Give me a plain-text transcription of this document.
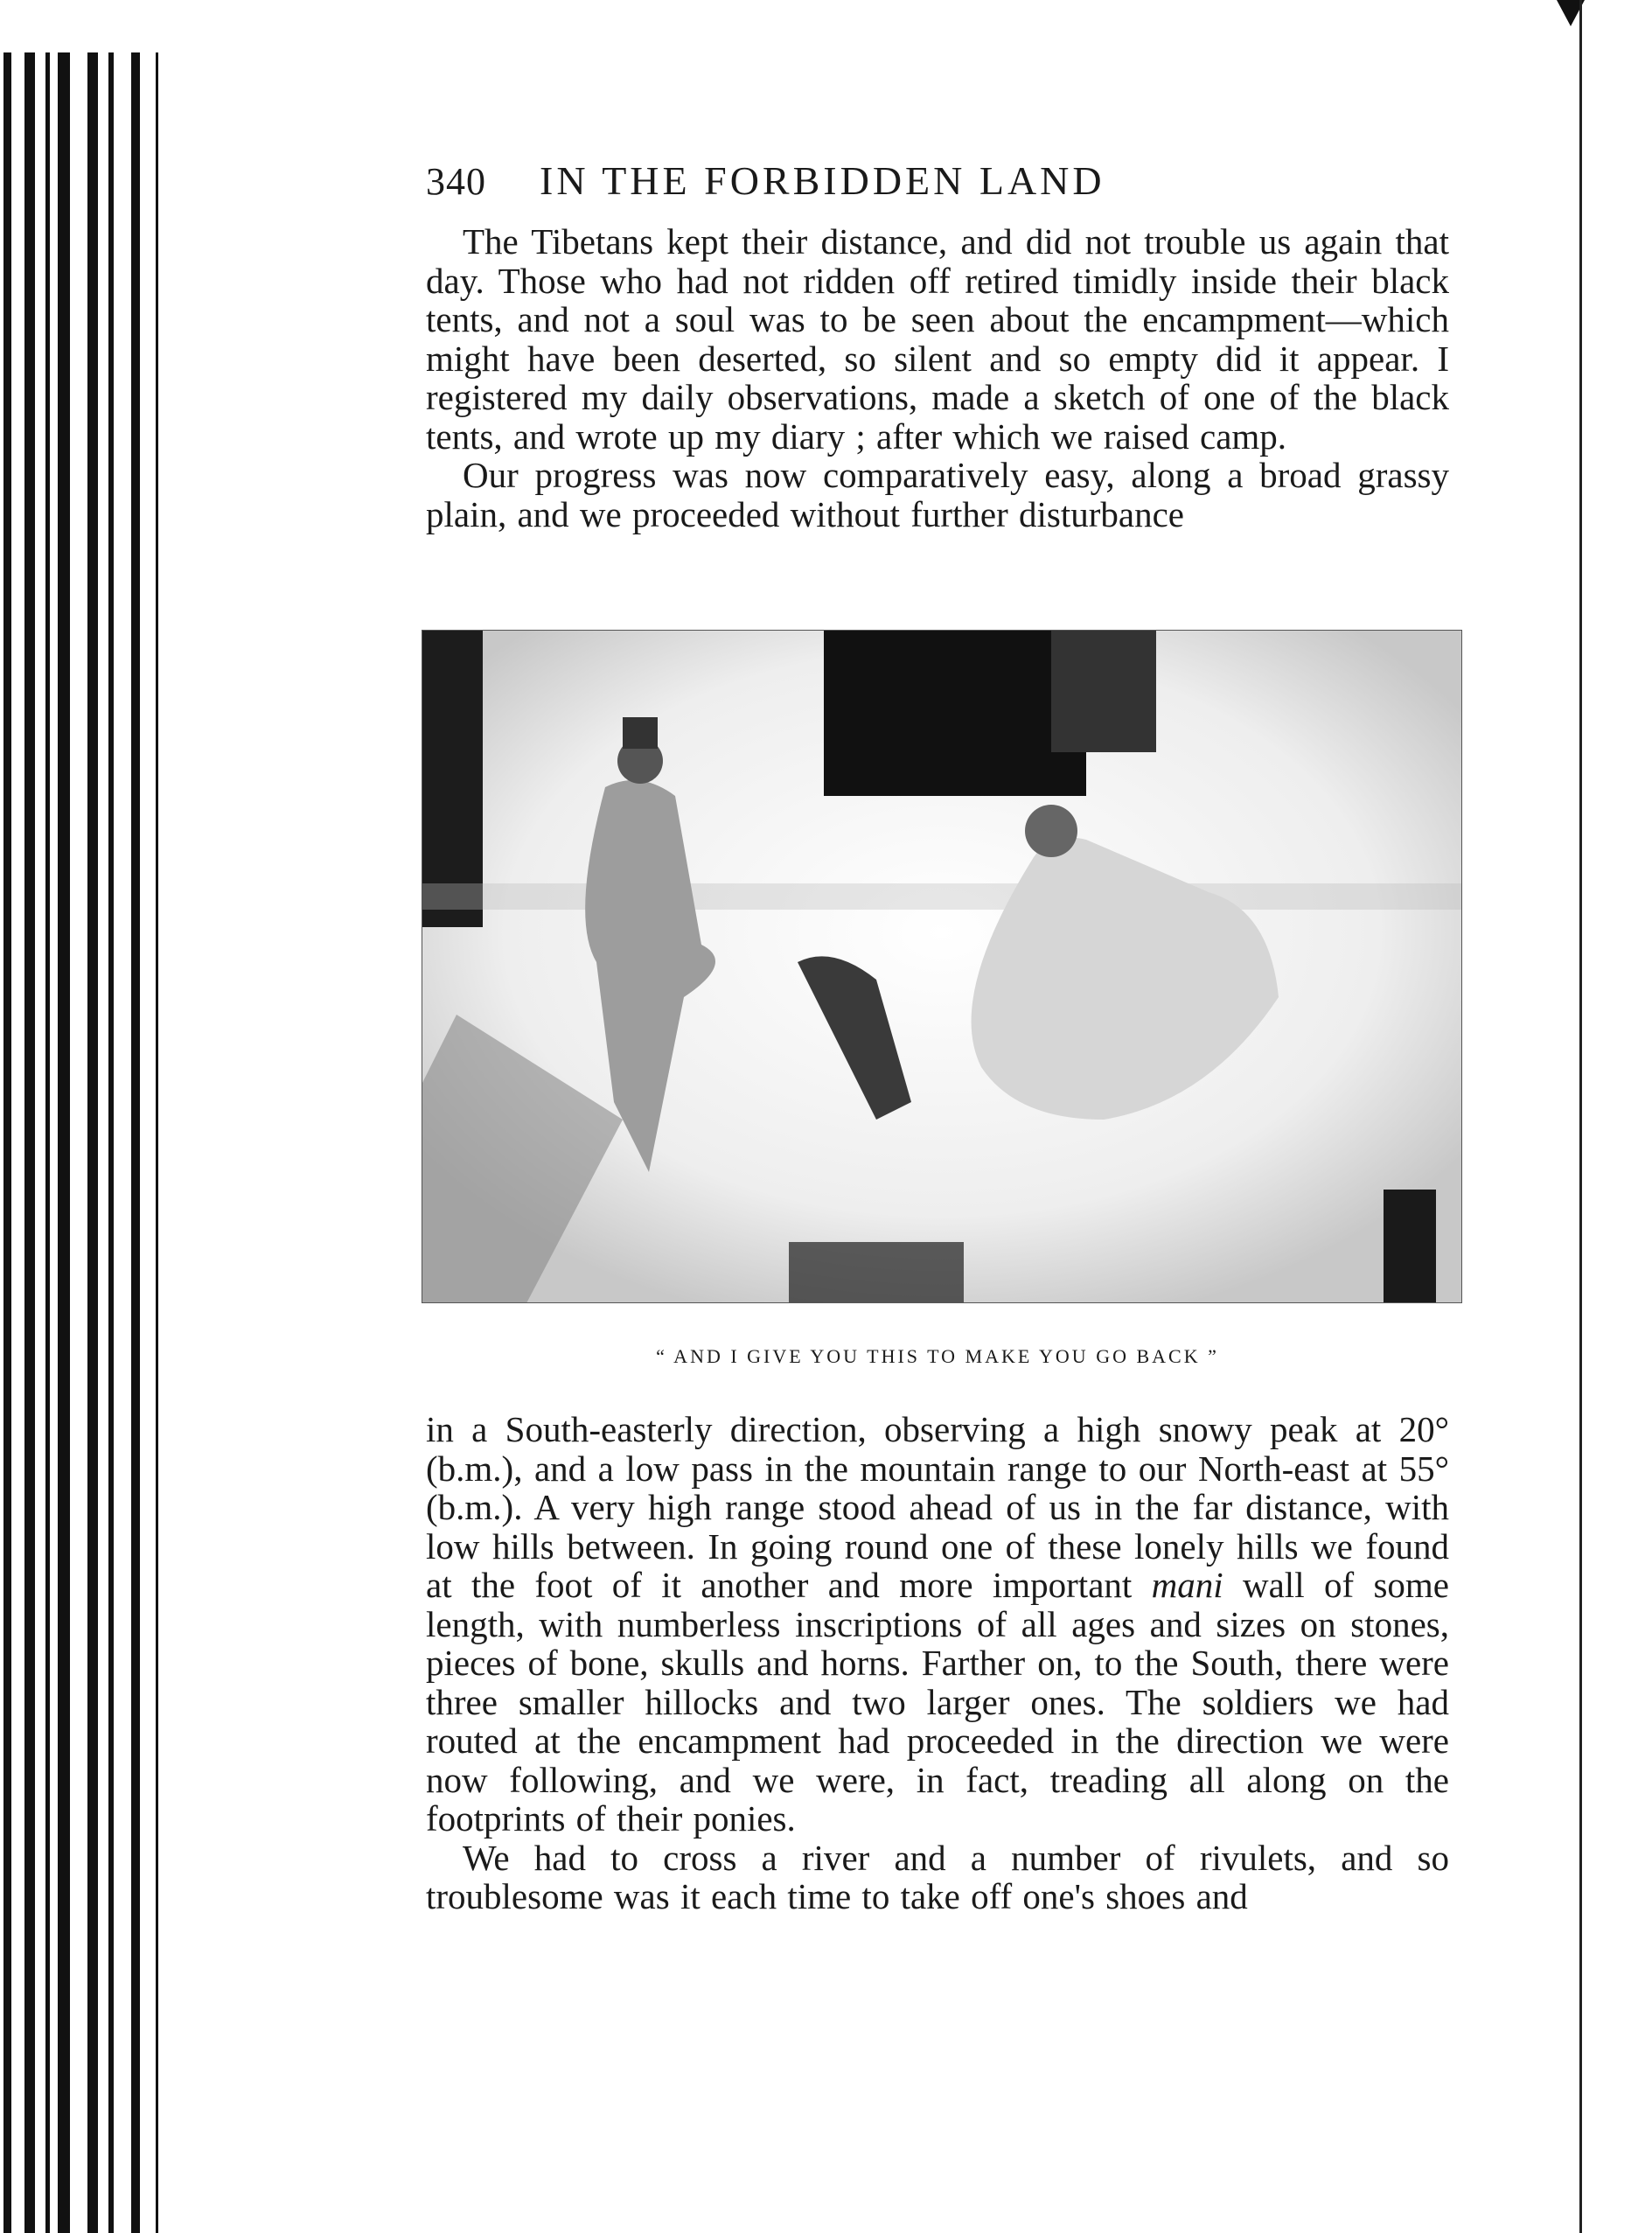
340	IN THE FORBIDDEN LAND

The Tibetans kept their distance, and did not trouble us again that day. Those who had not ridden off retired timidly inside their black tents, and not a soul was to be seen about the encampment—which might have been deserted, so silent and so empty did it appear. I registered my daily observations, made a sketch of one of the black tents, and wrote up my diary ; after which we raised camp.

Our progress was now comparatively easy, along a broad grassy plain, and we proceeded without further disturbance

“ AND I GIVE YOU THIS TO MAKE YOU GO BACK ”

in a South-easterly direction, observing a high snowy peak at 20° (b.m.), and a low pass in the mountain range to our North-east at 55° (b.m.). A very high range stood ahead of us in the far distance, with low hills between. In going round one of these lonely hills we found at the foot of it another and more important mani wall of some length, with numberless inscriptions of all ages and sizes on stones, pieces of bone, skulls and horns. Farther on, to the South, there were three smaller hillocks and two larger ones. The soldiers we had routed at the encampment had proceeded in the direction we were now following, and we were, in fact, treading all along on the footprints of their ponies.

We had to cross a river and a number of rivulets, and so troublesome was it each time to take off one's shoes and
